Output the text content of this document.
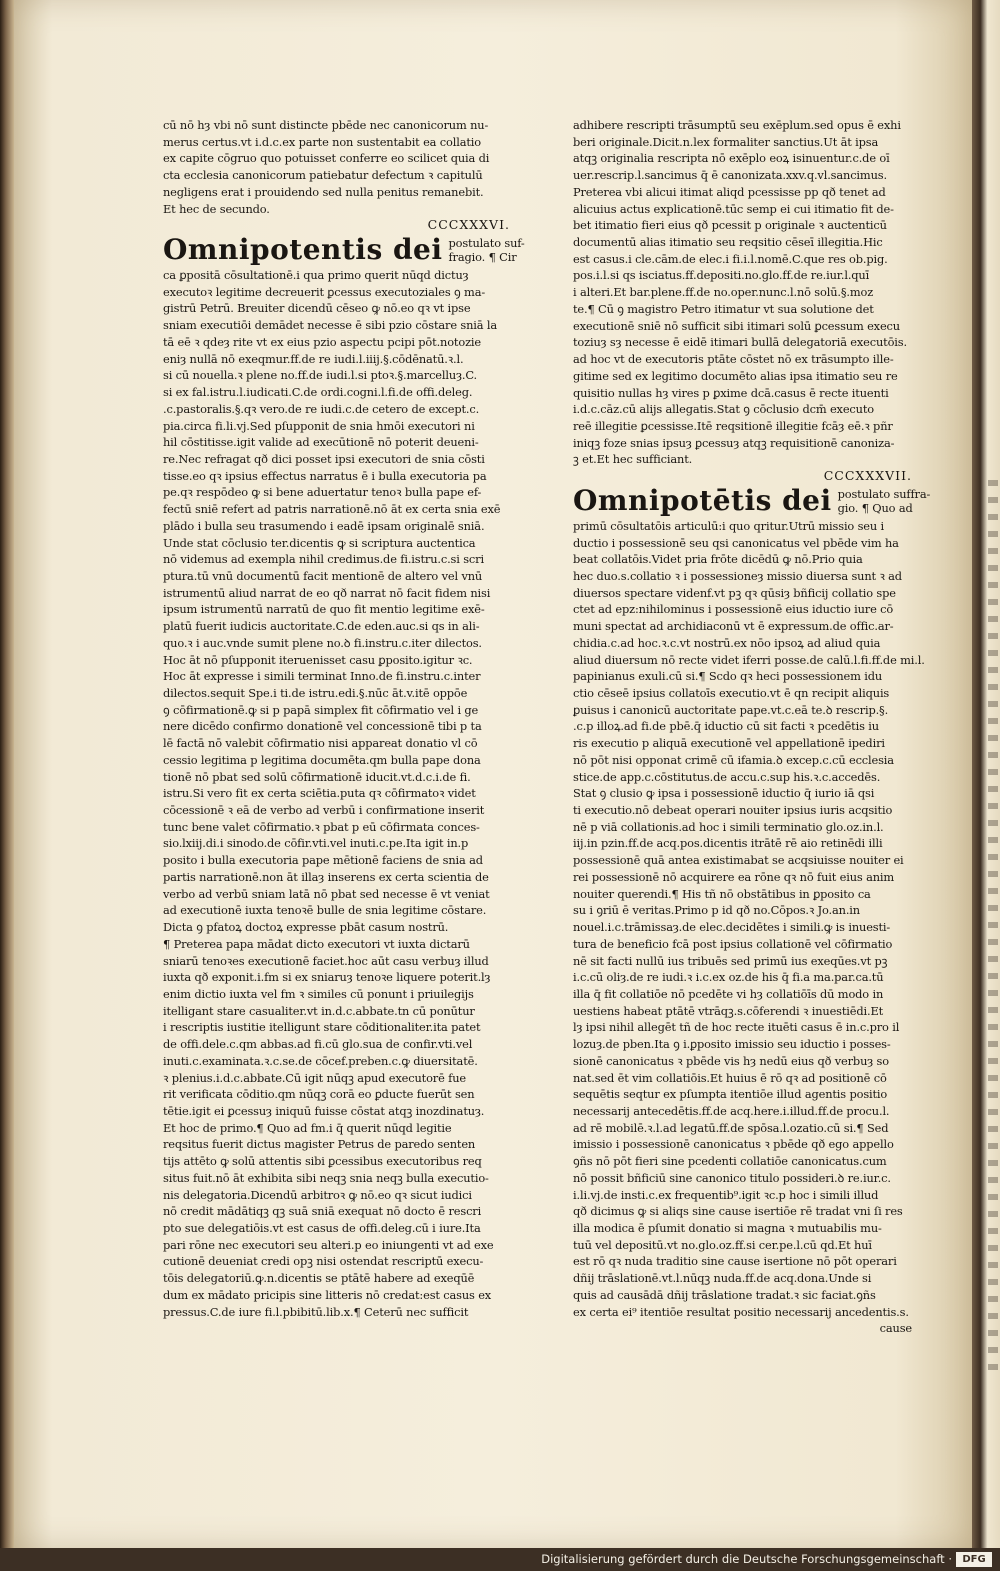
cū nō hȝ vbi nō sunt distincte pbēde nec canonicorum nu-
merus certus.vt i.d.c.ex parte non sustentabit ea collatio
ex capite cōgruo quo potuisset conferre eo scilicet quia di
cta ecclesia canonicorum patiebatur defectum ꝛ capitulū
negligens erat i prouidendo sed nulla penitus remanebit.
Et hec de secundo.
CCCXXXVI.
Omnipotentis dei postulato suf-
fragio. ¶ Cir
ca ꝑpositā cōsultationē.i qua primo querit nūqd dictuȝ
executoꝛ legitime decreuerit ꝑcessus executoziales ꝯ ma-
gistrū Petrū. Breuiter dicendū cēseo ꝙ nō.eo qꝛ vt ipse
sniam executiōi demādet necesse ē sibi pzio cōstare sniā la
tā eē ꝛ qdeȝ rite vt ex eius pzio aspectu pcipi pōt.notozie
eniȝ nullā nō exeqmur.ff.de re iudi.l.iiij.§.cōdēnatū.ꝛ.l.
si cū nouella.ꝛ plene no.ff.de iudi.l.si ptoꝛ.§.marcelluȝ.C.
si ex fal.istru.l.iudicati.C.de ordi.cogni.l.fi.de offi.deleg.
.c.pastoralis.§.qꝛ vero.de re iudi.c.de cetero de except.c.
pia.circa fi.li.vj.Sed pſupponit de snia hmōi executori ni
hil cōstitisse.igit valide ad execūtionē nō poterit deueni-
re.Nec refragat qð dici posset ipsi executori de snia cōsti
tisse.eo qꝛ ipsius effectus narratus ē i bulla executoria pa
pe.qꝛ respōdeo ꝙ si bene aduertatur tenoꝛ bulla pape ef-
fectū sniē refert ad patris narrationē.nō āt ex certa snia exē
plādo i bulla seu trasumendo i eadē ipsam originalē sniā.
Unde stat cōclusio ter.dicentis ꝙ si scriptura auctentica
nō videmus ad exempla nihil credimus.de fi.istru.c.si scri
ptura.tū vnū documentū facit mentionē de altero vel vnū
istrumentū aliud narrat de eo qð narrat nō facit fidem nisi
ipsum istrumentū narratū de quo fit mentio legitime exē-
platū fuerit iudicis auctoritate.C.de eden.auc.si qs in ali-
quo.ꝛ i auc.vnde sumit plene no.ꝺ fi.instru.c.iter dilectos.
Hoc āt nō pſupponit iteruenisset casu ꝑposito.igitur ꝛc.
Hoc āt expresse i simili terminat Inno.de fi.instru.c.inter
dilectos.sequit Spe.i ti.de istru.edi.§.nūc āt.v.itē oppōe
ꝯ cōfirmationē.ꝙ si p papā simplex fit cōfirmatio vel i ge
nere dicēdo confirmo donationē vel concessionē tibi p ta
lē factā nō valebit cōfirmatio nisi appareat donatio vl cō
cessio legitima p legitima documēta.qm bulla pape dona
tionē nō pbat sed solū cōfirmationē iducit.vt.d.c.i.de fi.
istru.Si vero fit ex certa sciētia.puta qꝛ cōfirmatoꝛ videt
cōcessionē ꝛ eā de verbo ad verbū i confirmatione inserit
tunc bene valet cōfirmatio.ꝛ pbat p eū cōfirmata conces-
sio.lxiij.di.i sinodo.de cōfir.vti.vel inuti.c.pe.Ita igit in.p
posito i bulla executoria pape mētionē faciens de snia ad
partis narrationē.non āt illaȝ inserens ex certa scientia de
verbo ad verbū sniam latā nō pbat sed necesse ē vt veniat
ad executionē iuxta tenoꝛē bulle de snia legitime cōstare.
Dicta ꝯ pfatoꝝ doctoꝝ expresse pbāt casum nostrū.
¶ Preterea papa mādat dicto executori vt iuxta dictarū
sniarū tenoꝛes executionē faciet.hoc aūt casu verbuȝ illud
iuxta qð exponit.i.fm si ex sniaruȝ tenoꝛe liquere poterit.lȝ
enim dictio iuxta vel fm ꝛ similes cū ponunt i priuilegijs
itelligant stare casualiter.vt in.d.c.abbate.tn cū ponūtur
i rescriptis iustitie itelligunt stare cōditionaliter.ita patet
de offi.dele.c.qm abbas.ad fi.cū glo.sua de confir.vti.vel
inuti.c.examinata.ꝛ.c.se.de cōcef.preben.c.ꝙ diuersitatē.
ꝛ plenius.i.d.c.abbate.Cū igit nūqꝫ apud executorē fue
rit verificata cōditio.qm nūqꝫ corā eo ꝑducte fuerūt sen
tētie.igit ei ꝑcessuȝ iniquū fuisse cōstat atqꝫ inozdinatuȝ.
Et hoc de primo.¶ Quo ad fm.i q̄ querit nūqd legitie
reqsitus fuerit dictus magister Petrus de paredo senten
tijs attēto ꝙ solū attentis sibi ꝑcessibus executoribus req
situs fuit.nō āt exhibita sibi neqꝫ snia neqꝫ bulla executio-
nis delegatoria.Dicendū arbitroꝛ ꝙ nō.eo qꝛ sicut iudici
nō credit mādātiqꝫ qꝫ suā sniā exequat nō docto ē rescri
pto sue delegatiōis.vt est casus de offi.deleg.cū i iure.Ita
pari rōne nec executori seu alteri.p eo iniungenti vt ad exe
cutionē deueniat credi opꝫ nisi ostendat rescriptū execu-
tōis delegatoriū.ꝙ.n.dicentis se ptātē habere ad exeqūē
dum ex mādato pricipis sine litteris nō credat:est casus ex
pressus.C.de iure fi.l.pbibitū.lib.x.¶ Ceterū nec sufficit
adhibere rescripti trāsumptū seu exēplum.sed opus ē exhi
beri originale.Dicit.n.lex formaliter sanctius.Ut āt ipsa
atqꝫ originalia rescripta nō exēplo eoꝝ isinuentur.c.de oī
uer.rescrip.l.sancimus q̄ ē canonizata.xxv.q.vl.sancimus.
Preterea vbi alicui itimat aliqd pcessisse pp qð tenet ad
alicuius actus explicationē.tūc semp ei cui itimatio fit de-
bet itimatio fieri eius qð pcessit p originale ꝛ auctenticū
documentū alias itimatio seu reqsitio cēseī illegitia.Hic
est casus.i cle.cām.de elec.i fi.i.l.nomē.C.que res ob.pig.
pos.i.l.si qs isciatus.ff.depositi.no.glo.ff.de re.iur.l.quī
i alteri.Et bar.plene.ff.de no.oper.nunc.l.nō solū.§.moz
te.¶ Cū ꝯ magistro Petro itimatur vt sua solutione det
executionē sniē nō sufficit sibi itimari solū ꝑcessum execu
toziuȝ sȝ necesse ē eidē itimari bullā delegatoriā executōis.
ad hoc vt de executoris ptāte cōstet nō ex trāsumpto ille-
gitime sed ex legitimo documēto alias ipsa itimatio seu re
quisitio nullas hȝ vires p ꝑxime dcā.casus ē recte ituenti
i.d.c.cāz.cū alijs allegatis.Stat ꝯ cōclusio dcm̄ executo
reē illegitie ꝑcessisse.Itē reqsitionē illegitie fcāȝ eē.ꝛ pñr
iniqꝫ foze snias ipsuȝ ꝑcessuȝ atqꝫ requisitionē canoniza-
ꝫ et.Et hec sufficiant.
CCCXXXVII.
Omnipotētis dei postulato suffra-
gio. ¶ Quo ad
primū cōsultatōis articulū:i quo qritur.Utrū missio seu i
ductio i possessionē seu qsi canonicatus vel pbēde vim ha
beat collatōis.Videt pria frōte dicēdū ꝙ nō.Prio quia
hec duo.s.collatio ꝛ i possessioneȝ missio diuersa sunt ꝛ ad
diuersos spectare videnf.vt pꝫ qꝛ qūsiȝ bñficij collatio spe
ctet ad epz:nihilominus i possessionē eius iductio iure cō
muni spectat ad archidiaconū vt ē expressum.de offic.ar-
chidia.c.ad hoc.ꝛ.c.vt nostrū.ex nōo ipsoꝝ ad aliud quia
aliud diuersum nō recte videt iferri posse.de calū.l.fi.ff.de mi.l.
papinianus exuli.cū si.¶ Scdo qꝛ heci possessionem idu
ctio cēseē ipsius collatoīs executio.vt ē qn recipit aliquis
ꝑuisus i canonicū auctoritate pape.vt.c.eā te.ꝺ rescrip.§.
.c.p illoꝝ.ad fi.de pbē.q̄ iductio cū sit facti ꝛ pcedētis iu
ris executio p aliquā executionē vel appellationē ipediri
nō pōt nisi opponat crimē cū ifamia.ꝺ excep.c.cū ecclesia
stice.de app.c.cōstitutus.de accu.c.sup his.ꝛ.c.accedēs.
Stat ꝯ clusio ꝙ ipsa i possessionē iductio q̄ iurio iā qsi
ti executio.nō debeat operari nouiter ipsius iuris acqsitio
nē p viā collationis.ad hoc i simili terminatio glo.oz.in.l.
iij.in pzin.ff.de acq.pos.dicentis itrātē rē aio retinēdi illi
possessionē quā antea existimabat se acqsiuisse nouiter ei
rei possessionē nō acquirere ea rōne qꝛ nō fuit eius anim
nouiter querendi.¶ His tñ nō obstātibus in ꝑposito ca
su i ꝯriū ē veritas.Primo p id qð no.Cōpos.ꝛ Jo.an.in
nouel.i.c.trāmissaȝ.de elec.decidētes i simili.ꝙ is inuesti-
tura de beneficio fcā post ipsius collationē vel cōfirmatio
nē sit facti nullū ius tribuēs sed primū ius exeqūes.vt pꝫ
i.c.cū oliȝ.de re iudi.ꝛ i.c.ex oz.de his q̄ fi.a ma.par.ca.tū
illa q̄ fit collatiōe nō pcedēte vi hȝ collatiōīs dū modo in
uestiens habeat ptātē vtrāqꝫ.s.cōferendi ꝛ inuestiēdi.Et
lȝ ipsi nihil allegēt tñ de hoc recte ituēti casus ē in.c.pro il
lozuȝ.de pben.Ita ꝯ i.ꝑposito imissio seu iductio i posses-
sionē canonicatus ꝛ pbēde vis hȝ nedū eius qð verbuȝ so
nat.sed ēt vim collatiōis.Et huius ē rō qꝛ ad positionē cō
sequētis seqtur ex pſumpta itentiōe illud agentis positio
necessarij antecedētis.ff.de acq.here.i.illud.ff.de procu.l.
ad rē mobilē.ꝛ.l.ad legatū.ff.de spōsa.l.ozatio.cū si.¶ Sed
imissio i possessionē canonicatus ꝛ pbēde qð ego appello
ꝯñs nō pōt fieri sine pcedenti collatiōe canonicatus.cum
nō possit bñficiū sine canonico titulo possideri.ꝺ re.iur.c.
i.li.vj.de insti.c.ex frequentib⁹.igit ꝛc.p hoc i simili illud
qð dicimus ꝙ si aliqs sine cause isertiōe rē tradat vni ſi res
illa modica ē pſumit donatio si magna ꝛ mutuabilis mu-
tuū vel depositū.vt no.glo.oz.ff.si cer.pe.l.cū qd.Et huī
est rō qꝛ nuda traditio sine cause isertione nō pōt operari
dñij trāslationē.vt.l.nūqꝫ nuda.ff.de acq.dona.Unde si
quis ad causādā dñij trāslatione tradat.ꝛ sic faciat.ꝯñs
ex certa ei⁹ itentiōe resultat positio necessarij ancedentis.s.
cause
Digitalisierung gefördert durch die Deutsche Forschungsgemeinschaft ·	DFG
